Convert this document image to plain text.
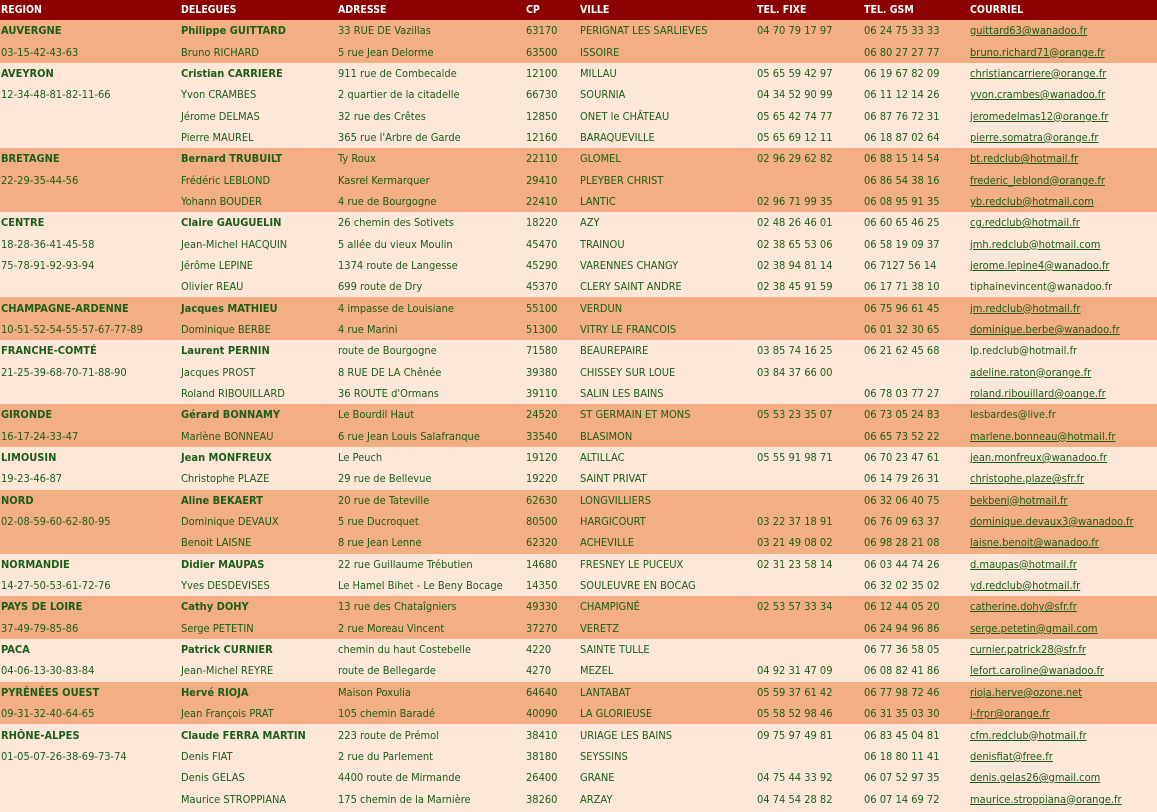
REGION	DELEGUES	ADRESSE	CP	VILLE	TEL. FIXE	TEL. GSM	COURRIEL
AUVERGNE	Philippe GUITTARD	33 RUE DE Vazillas	63170	PERIGNAT LES SARLIEVES	04 70 79 17 97	06 24 75 33 33	guittard63@wanadoo.fr
03-15-42-43-63	Bruno RICHARD	5 rue Jean Delorme	63500	ISSOIRE		06 80 27 27 77	bruno.richard71@orange.fr
AVEYRON	Cristian CARRIERE	911 rue de Combecalde	12100	MILLAU	05 65 59 42 97	06 19 67 82 09	christiancarriere@orange.fr
12-34-48-81-82-11-66	Yvon CRAMBES	2 quartier de la citadelle	66730	SOURNIA	04 34 52 90 99	06 11 12 14 26	yvon.crambes@wanadoo.fr
	Jérome DELMAS	32 rue des Crêtes	12850	ONET le CHÂTEAU	05 65 42 74 77	06 87 76 72 31	jeromedelmas12@orange.fr
	Pierre MAUREL	365 rue l'Arbre de Garde	12160	BARAQUEVILLE	05 65 69 12 11	06 18 87 02 64	pierre.somatra@orange.fr
BRETAGNE	Bernard TRUBUILT	Ty Roux	22110	GLOMEL	02 96 29 62 82	06 88 15 14 54	bt.redclub@hotmail.fr
22-29-35-44-56	Frédéric LEBLOND	Kasrel Kermarquer	29410	PLEYBER CHRIST		06 86 54 38 16	frederic_leblond@orange.fr
	Yohann BOUDER	4 rue de Bourgogne	22410	LANTIC	02 96 71 99 35	06 08 95 91 35	yb.redclub@hotmail.com
CENTRE	Claire GAUGUELIN	26 chemin des Sotivets	18220	AZY	02 48 26 46 01	06 60 65 46 25	cg.redclub@hotmail.fr
18-28-36-41-45-58	Jean-Michel HACQUIN	5 allée du vieux Moulin	45470	TRAINOU	02 38 65 53 06	06 58 19 09 37	jmh.redclub@hotmail.com
75-78-91-92-93-94	Jérôme LEPINE	1374 route de Langesse	45290	VARENNES CHANGY	02 38 94 81 14	06 7127 56 14	jerome.lepine4@wanadoo.fr
	Olivier REAU	699 route de Dry	45370	CLERY SAINT ANDRE	02 38 45 91 59	06 17 71 38 10	tiphainevincent@wanadoo.fr
CHAMPAGNE-ARDENNE	Jacques MATHIEU	4 impasse de Louisiane	55100	VERDUN		06 75 96 61 45	jm.redclub@hotmail.fr
10-51-52-54-55-57-67-77-89	Dominique BERBE	4 rue Marini	51300	VITRY LE FRANCOIS		06 01 32 30 65	dominique.berbe@wanadoo.fr
FRANCHE-COMTÉ	Laurent PERNIN	route de Bourgogne	71580	BEAUREPAIRE	03 85 74 16 25	06 21 62 45 68	lp.redclub@hotmail.fr
21-25-39-68-70-71-88-90	Jacques PROST	8 RUE DE LA Chênée	39380	CHISSEY SUR LOUE	03 84 37 66 00		adeline.raton@orange.fr
	Roland RIBOUILLARD	36 ROUTE d'Ormans	39110	SALIN LES BAINS		06 78 03 77 27	roland.ribouillard@oange.fr
GIRONDE	Gérard BONNAMY	Le Bourdil Haut	24520	ST GERMAIN ET MONS	05 53 23 35 07	06 73 05 24 83	lesbardes@live.fr
16-17-24-33-47	Marlène BONNEAU	6 rue Jean Louis Salafranque	33540	BLASIMON		06 65 73 52 22	marlene.bonneau@hotmail.fr
LIMOUSIN	Jean MONFREUX	Le Peuch	19120	ALTILLAC	05 55 91 98 71	06 70 23 47 61	jean.monfreux@wanadoo.fr
19-23-46-87	Christophe PLAZE	29 rue de Bellevue	19220	SAINT PRIVAT		06 14 79 26 31	christophe.plaze@sfr.fr
NORD	Aline BEKAERT	20 rue de Tateville	62630	LONGVILLIERS		06 32 06 40 75	bekbenj@hotmail.fr
02-08-59-60-62-80-95	Dominique DEVAUX	5 rue Ducroquet	80500	HARGICOURT	03 22 37 18 91	06 76 09 63 37	dominique.devaux3@wanadoo.fr
	Benoit LAISNE	8 rue Jean Lenne	62320	ACHEVILLE	03 21 49 08 02	06 98 28 21 08	laisne.benoit@wanadoo.fr
NORMANDIE	Didier MAUPAS	22 rue Guillaume Trébutien	14680	FRESNEY LE PUCEUX	02 31 23 58 14	06 03 44 74 26	d.maupas@hotmail.fr
14-27-50-53-61-72-76	Yves DESDEVISES	Le Hamel Bihet - Le Beny Bocage	14350	SOULEUVRE EN BOCAG		06 32 02 35 02	yd.redclub@hotmail.fr
PAYS DE LOIRE	Cathy DOHY	13 rue des Chataîgniers	49330	CHAMPIGNÉ	02 53 57 33 34	06 12 44 05 20	catherine.dohy@sfr.fr
37-49-79-85-86	Serge PETETIN	2 rue Moreau Vincent	37270	VERETZ		06 24 94 96 86	serge.petetin@gmail.com
PACA	Patrick CURNIER	chemin du haut Costebelle	4220	SAINTE TULLE		06 77 36 58 05	curnier.patrick28@sfr.fr
04-06-13-30-83-84	Jean-Michel REYRE	route de Bellegarde	4270	MEZEL	04 92 31 47 09	06 08 82 41 86	lefort.caroline@wanadoo.fr
PYRÉNÉES OUEST	Hervé RIOJA	Maison Poxulia	64640	LANTABAT	05 59 37 61 42	06 77 98 72 46	rioja.herve@ozone.net
09-31-32-40-64-65	Jean François PRAT	105 chemin Baradé	40090	LA GLORIEUSE	05 58 52 98 46	06 31 35 03 30	j-frpr@orange.fr
RHÔNE-ALPES	Claude FERRA MARTIN	223 route de Prémol	38410	URIAGE LES BAINS	09 75 97 49 81	06 83 45 04 81	cfm.redclub@hotmail.fr
01-05-07-26-38-69-73-74	Denis FIAT	2 rue du Parlement	38180	SEYSSINS		06 18 80 11 41	denisfiat@free.fr
	Denis GELAS	4400 route de Mirmande	26400	GRANE	04 75 44 33 92	06 07 52 97 35	denis.gelas26@gmail.com
	Maurice STROPPIANA	175 chemin de la Marnière	38260	ARZAY	04 74 54 28 82	06 07 14 69 72	maurice.stroppiana@orange.fr
